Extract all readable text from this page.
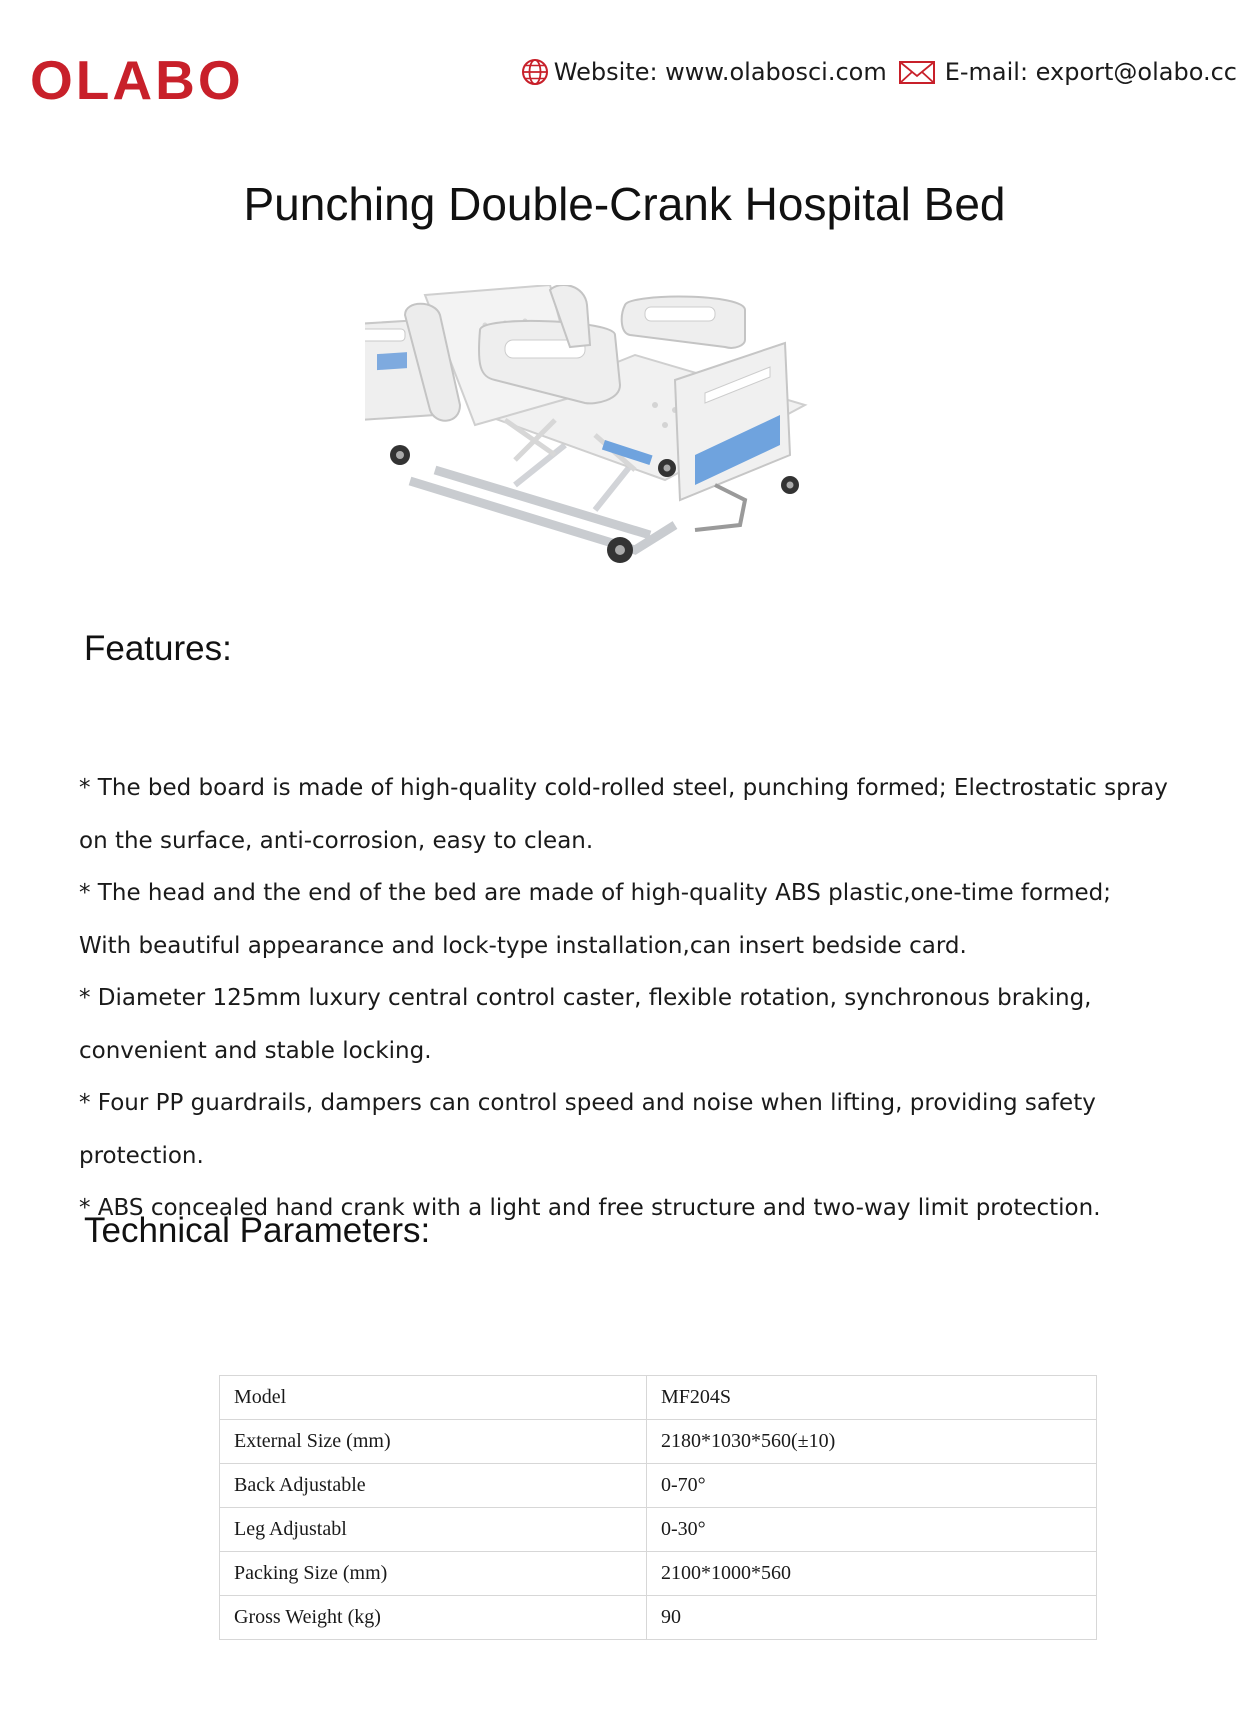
OLABO	Website: www.olabosci.com E-mail: export@olabo.cc
Punching Double-Crank Hospital Bed
Features:
* The bed board is made of high-quality cold-rolled steel, punching formed; Electrostatic spray
on the surface, anti-corrosion, easy to clean.
* The head and the end of the bed are made of high-quality ABS plastic,one-time formed;
With beautiful appearance and lock-type installation,can insert bedside card.
* Diameter 125mm luxury central control caster, flexible rotation, synchronous braking,
convenient and stable locking.
* Four PP guardrails, dampers can control speed and noise when lifting, providing safety
protection.
* ABS concealed hand crank with a light and free structure and two-way limit protection.
Technical Parameters:
Model	MF204S
External Size (mm)	2180*1030*560(±10)
Back Adjustable	0-70°
Leg Adjustabl	0-30°
Packing Size (mm)	2100*1000*560
Gross Weight (kg)	90
